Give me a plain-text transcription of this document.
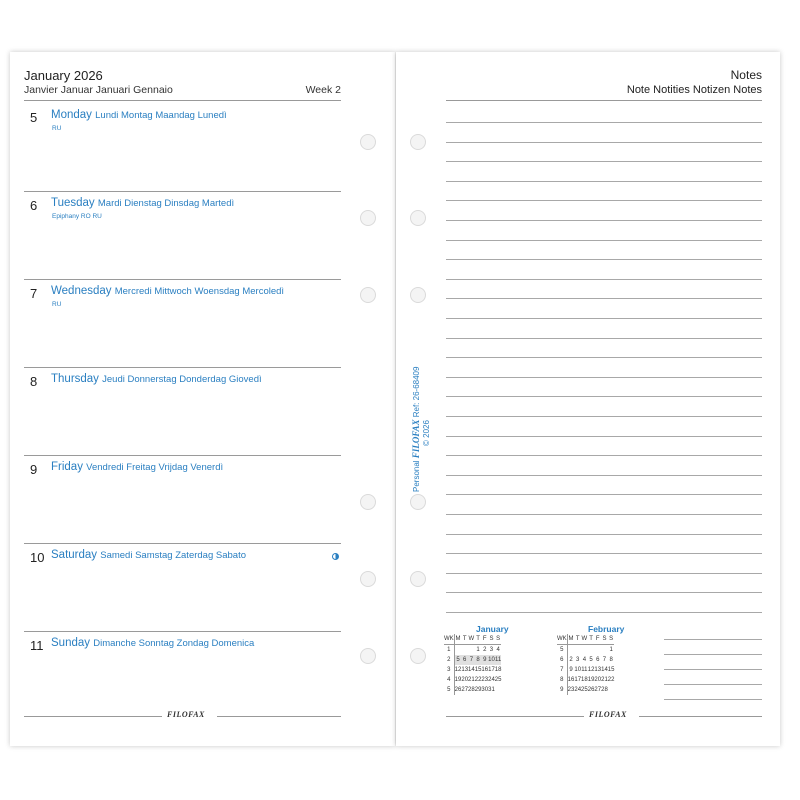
January 2026
Janvier Januar Januari Gennaio	Week 2
5 Monday Lundi Montag Maandag Lunedì
RU
6 Tuesday Mardi Dienstag Dinsdag Martedì
Epiphany RO RU
7 Wednesday Mercredi Mittwoch Woensdag Mercoledì
RU
8 Thursday Jeudi Donnerstag Donderdag Giovedì
9 Friday Vendredi Freitag Vrijdag Venerdì
10 Saturday Samedi Samstag Zaterdag Sabato
11 Sunday Dimanche Sonntag Zondag Domenica
FILOFAX
Notes
Note Notities Notizen Notes
Personal FILOFAX Ref: 26-68409
© 2026
January
WK	M	T	W	T	F	S	S
1				1	2	3	4
2	5	6	7	8	9	10	11
3	12	13	14	15	16	17	18
4	19	20	21	22	23	24	25
5	26	27	28	29	30	31	
February
WK	M	T	W	T	F	S	S
5							1
6	2	3	4	5	6	7	8
7	9	10	11	12	13	14	15
8	16	17	18	19	20	21	22
9	23	24	25	26	27	28	
FILOFAX
